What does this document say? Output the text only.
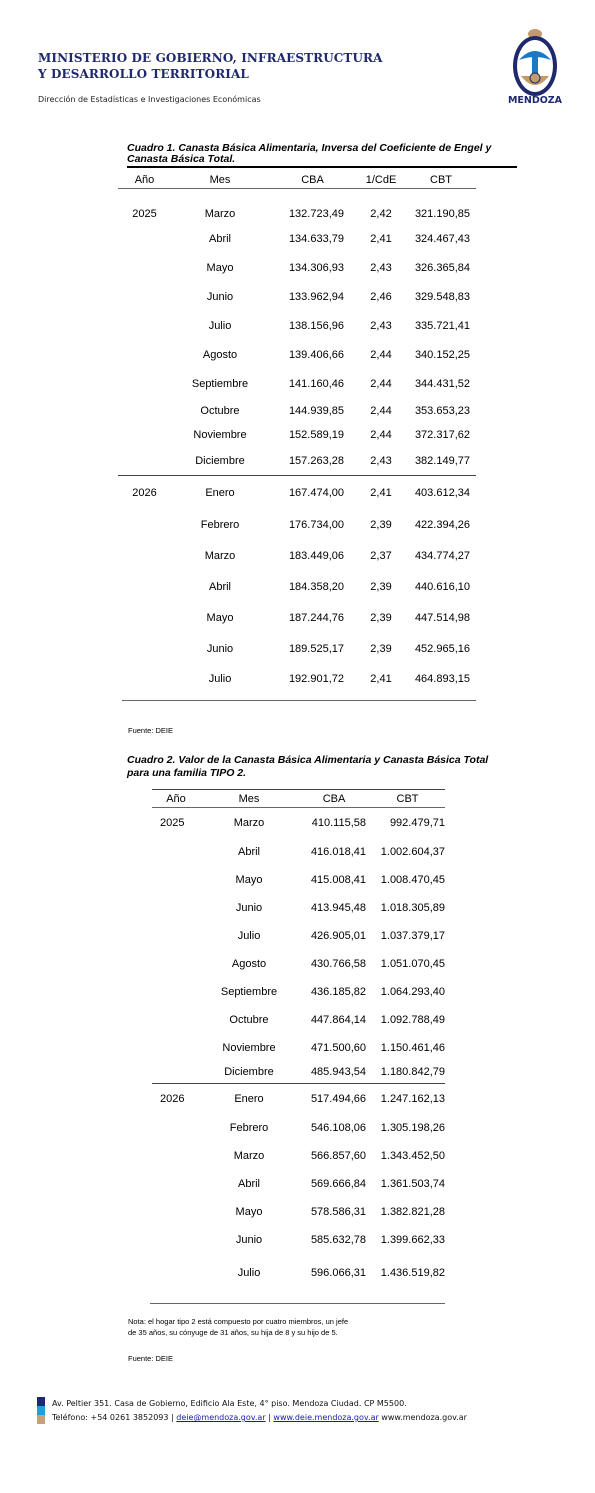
MINISTERIO DE GOBIERNO, INFRAESTRUCTURA
Y DESARROLLO TERRITORIAL
Dirección de Estadísticas e Investigaciones Económicas	MENDOZA
Cuadro 1. Canasta Básica Alimentaria, Inversa del Coeficiente de Engel y Canasta Básica Total.
Año	Mes	CBA	1/CdE	CBT

2025	Marzo	132.723,49	2,42	321.190,85
	Abril	134.633,79	2,41	324.467,43
	Mayo	134.306,93	2,43	326.365,84
	Junio	133.962,94	2,46	329.548,83
	Julio	138.156,96	2,43	335.721,41
	Agosto	139.406,66	2,44	340.152,25
	Septiembre	141.160,46	2,44	344.431,52
	Octubre	144.939,85	2,44	353.653,23
	Noviembre	152.589,19	2,44	372.317,62
	Diciembre	157.263,28	2,43	382.149,77
2026	Enero	167.474,00	2,41	403.612,34
	Febrero	176.734,00	2,39	422.394,26
	Marzo	183.449,06	2,37	434.774,27
	Abril	184.358,20	2,39	440.616,10
	Mayo	187.244,76	2,39	447.514,98
	Junio	189.525,17	2,39	452.965,16
	Julio	192.901,72	2,41	464.893,15
Fuente: DEIE
Cuadro 2. Valor de la Canasta Básica Alimentaria y Canasta Básica Total
para una familia TIPO 2.
Año	Mes	CBA	CBT
2025	Marzo	410.115,58	992.479,71
	Abril	416.018,41	1.002.604,37
	Mayo	415.008,41	1.008.470,45
	Junio	413.945,48	1.018.305,89
	Julio	426.905,01	1.037.379,17
	Agosto	430.766,58	1.051.070,45
	Septiembre	436.185,82	1.064.293,40
	Octubre	447.864,14	1.092.788,49
	Noviembre	471.500,60	1.150.461,46
	Diciembre	485.943,54	1.180.842,79
2026	Enero	517.494,66	1.247.162,13
	Febrero	546.108,06	1.305.198,26
	Marzo	566.857,60	1.343.452,50
	Abril	569.666,84	1.361.503,74
	Mayo	578.586,31	1.382.821,28
	Junio	585.632,78	1.399.662,33
	Julio	596.066,31	1.436.519,82
Nota: el hogar tipo 2 está compuesto por cuatro miembros, un jefe
de 35 años, su cónyuge de 31 años, su hija de 8 y su hijo de 5.
Fuente: DEIE
Av. Peltier 351. Casa de Gobierno, Edificio Ala Este, 4° piso. Mendoza Ciudad. CP M5500.
Teléfono: +54 0261 3852093 | deie@mendoza.gov.ar | www.deie.mendoza.gov.ar www.mendoza.gov.ar
